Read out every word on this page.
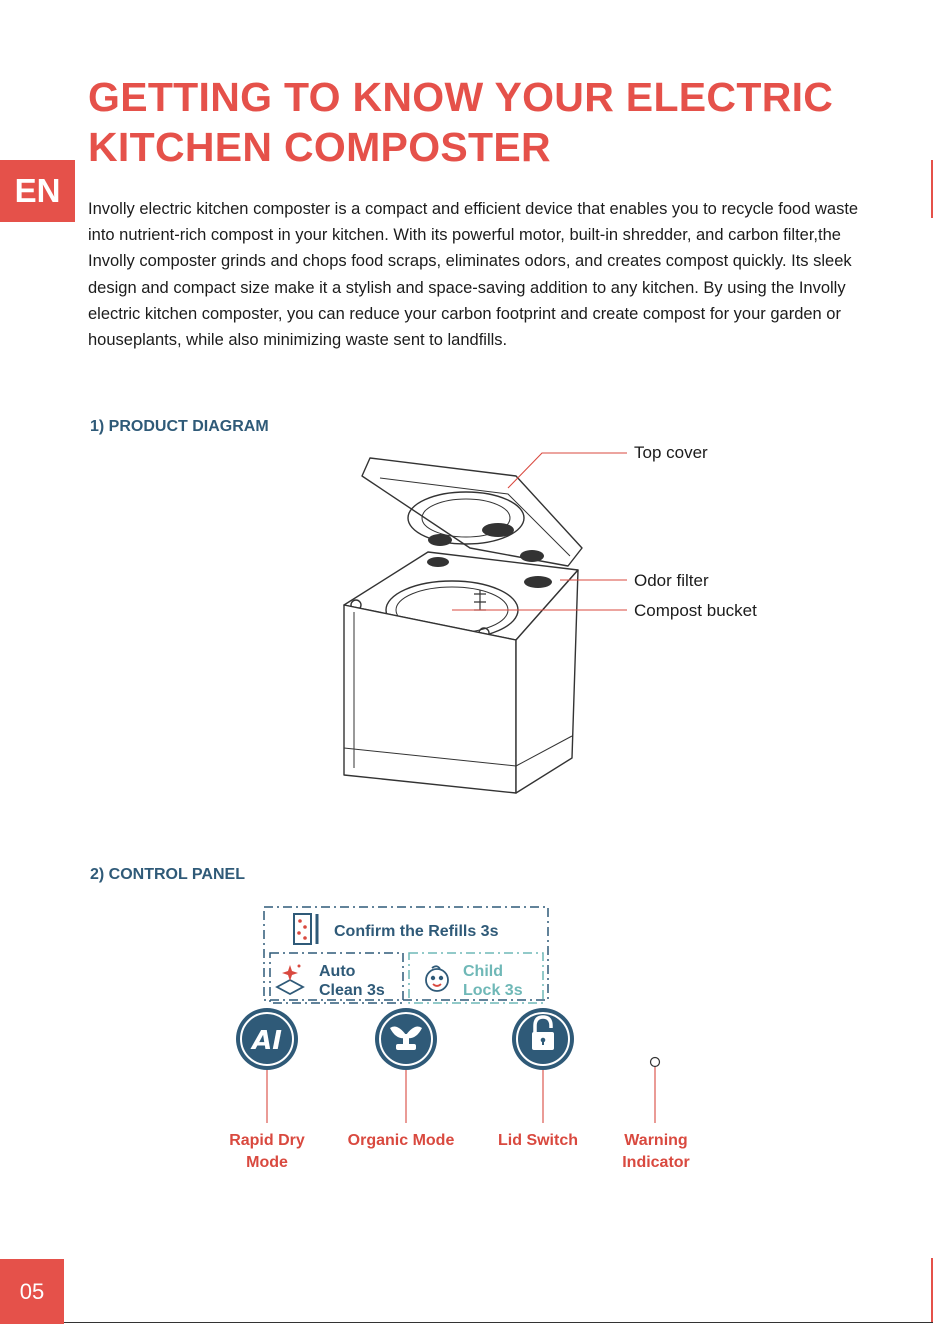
EN
GETTING TO KNOW YOUR ELECTRIC KITCHEN COMPOSTER

Involly electric kitchen composter is a compact and efficient device that enables you to recycle food waste into nutrient-rich compost in your kitchen. With its powerful motor, built-in shredder, and carbon filter,the Involly composter grinds and chops food scraps, eliminates odors, and creates compost quickly. Its sleek design and compact size make it a stylish and space-saving addition to any kitchen. By using the Involly electric kitchen composter, you can reduce your carbon footprint and create compost for your garden or houseplants, while also minimizing waste sent to landfills.

1) PRODUCT DIAGRAM
Top cover
Odor filter
Compost bucket
2) CONTROL PANEL
AI
Confirm the Refills 3s
Auto
Clean 3s
Child
Lock 3s
Rapid Dry
Mode
Organic Mode	Lid Switch	Warning
Indicator
05
